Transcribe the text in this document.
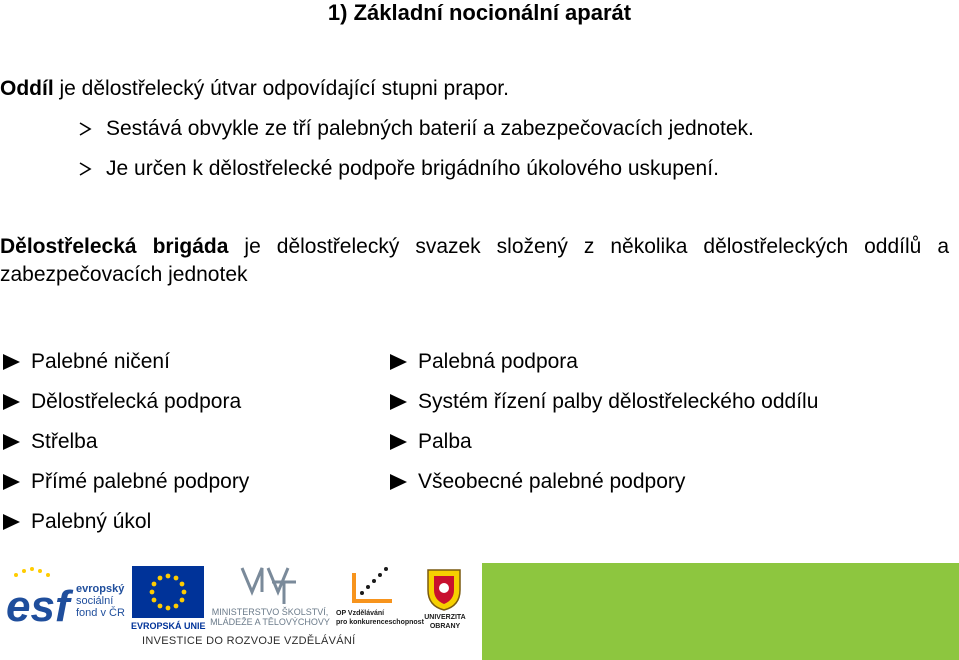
1) Základní nocionální aparát
Oddíl je dělostřelecký útvar odpovídající stupni prapor.
Sestává obvykle ze tří palebných baterií a zabezpečovacích jednotek.
Je určen k dělostřelecké podpoře brigádního úkolového uskupení.
Dělostřelecká brigáda je dělostřelecký svazek složený z několika dělostřeleckých oddílů a zabezpečovacích jednotek
Palebné ničení
Dělostřelecká podpora
Střelba
Přímé palebné podpory
Palebný úkol
Palebná podpora
Systém řízení palby dělostřeleckého oddílu
Palba
Všeobecné palebné podpory
esf evropský
sociální
fond v ČR
EVROPSKÁ UNIE
MINISTERSTVO ŠKOLSTVÍ,
MLÁDEŽE A TĚLOVÝCHOVY
OP Vzdělávání
pro konkurenceschopnost
UNIVERZITA
OBRANY
INVESTICE DO ROZVOJE VZDĚLÁVÁNÍ
